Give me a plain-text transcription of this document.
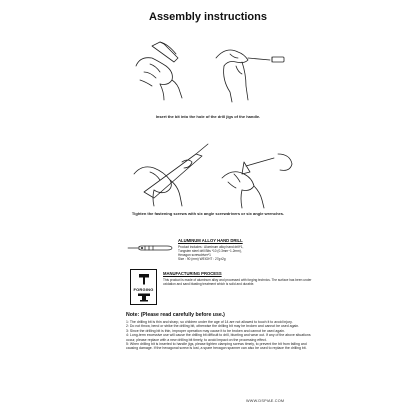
Assembly instructions
Insert the bit into the hole of the drill jigs of the handle.
Tighten the fastening screws with six angle screwdrivers or six angle wrenches.
ALUMINUM ALLOY HAND DRILL
Product includes : Aluminum alloy hand drill*1,
Tungsten steel drill Bits *10 (0.3mm~1.2mm),
Hexagon screwdriver*1
Size : 90 (mm) WEIGHT : 27g±2g
FORGING
MANUFACTURING PROCESS
This product is made of aluminum alloy and processed with forging technics. The surface has been under oxidation and sand blasting treatment which is solid and durable.
Note: (Please read carefully before use.)

1: The drilling bit is thin and sharp, so children under the age of 14 are not allowed to touch it to avoid injury.

2: Do not throw, bend or strike the drilling bit, otherwise the drilling bit may be broken and cannot be used again.

3: Since the drilling bit is thin, improper operation may cause it to be broken and cannot be used again.

4: Long-term excessive use will cause the drilling bit difficult to drill, blunting and wear out. If any of the above situations occur, please replace with a new drilling bit timely, to avoid impact on the processing effect.

5: When drilling bit is inserted to handle jigs, please tighten clamping screws timely, to prevent the bit from falling and causing damage. If the hexagonal screw is lost, a spare hexagon spanner can also be used to replace the drilling bit.

WWW.DSPIAE.COM
